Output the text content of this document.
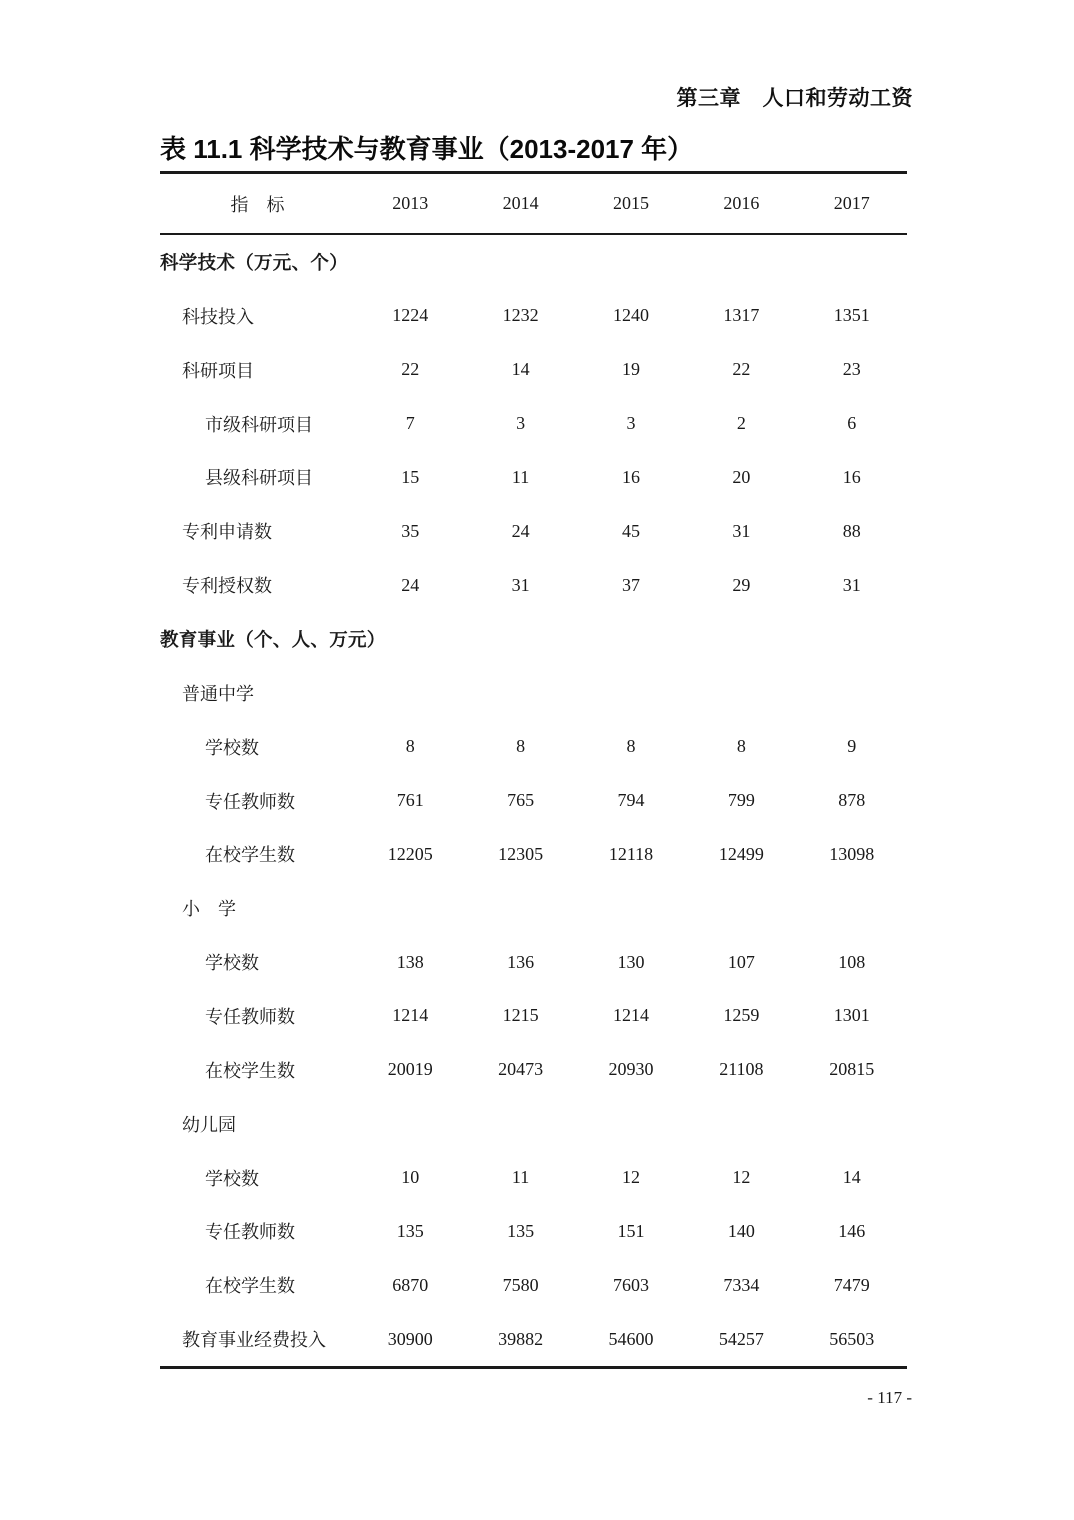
第三章　人口和劳动工资
表 11.1 科学技术与教育事业（2013-2017 年）
指　标	2013	2014	2015	2016	2017
科学技术（万元、个）
科技投入	1224	1232	1240	1317	1351
科研项目	22	14	19	22	23
市级科研项目	7	3	3	2	6
县级科研项目	15	11	16	20	16
专利申请数	35	24	45	31	88
专利授权数	24	31	37	29	31
教育事业（个、人、万元）
普通中学
学校数	8	8	8	8	9
专任教师数	761	765	794	799	878
在校学生数	12205	12305	12118	12499	13098
小　学
学校数	138	136	130	107	108
专任教师数	1214	1215	1214	1259	1301
在校学生数	20019	20473	20930	21108	20815
幼儿园
学校数	10	11	12	12	14
专任教师数	135	135	151	140	146
在校学生数	6870	7580	7603	7334	7479
教育事业经费投入	30900	39882	54600	54257	56503
- 117 -
